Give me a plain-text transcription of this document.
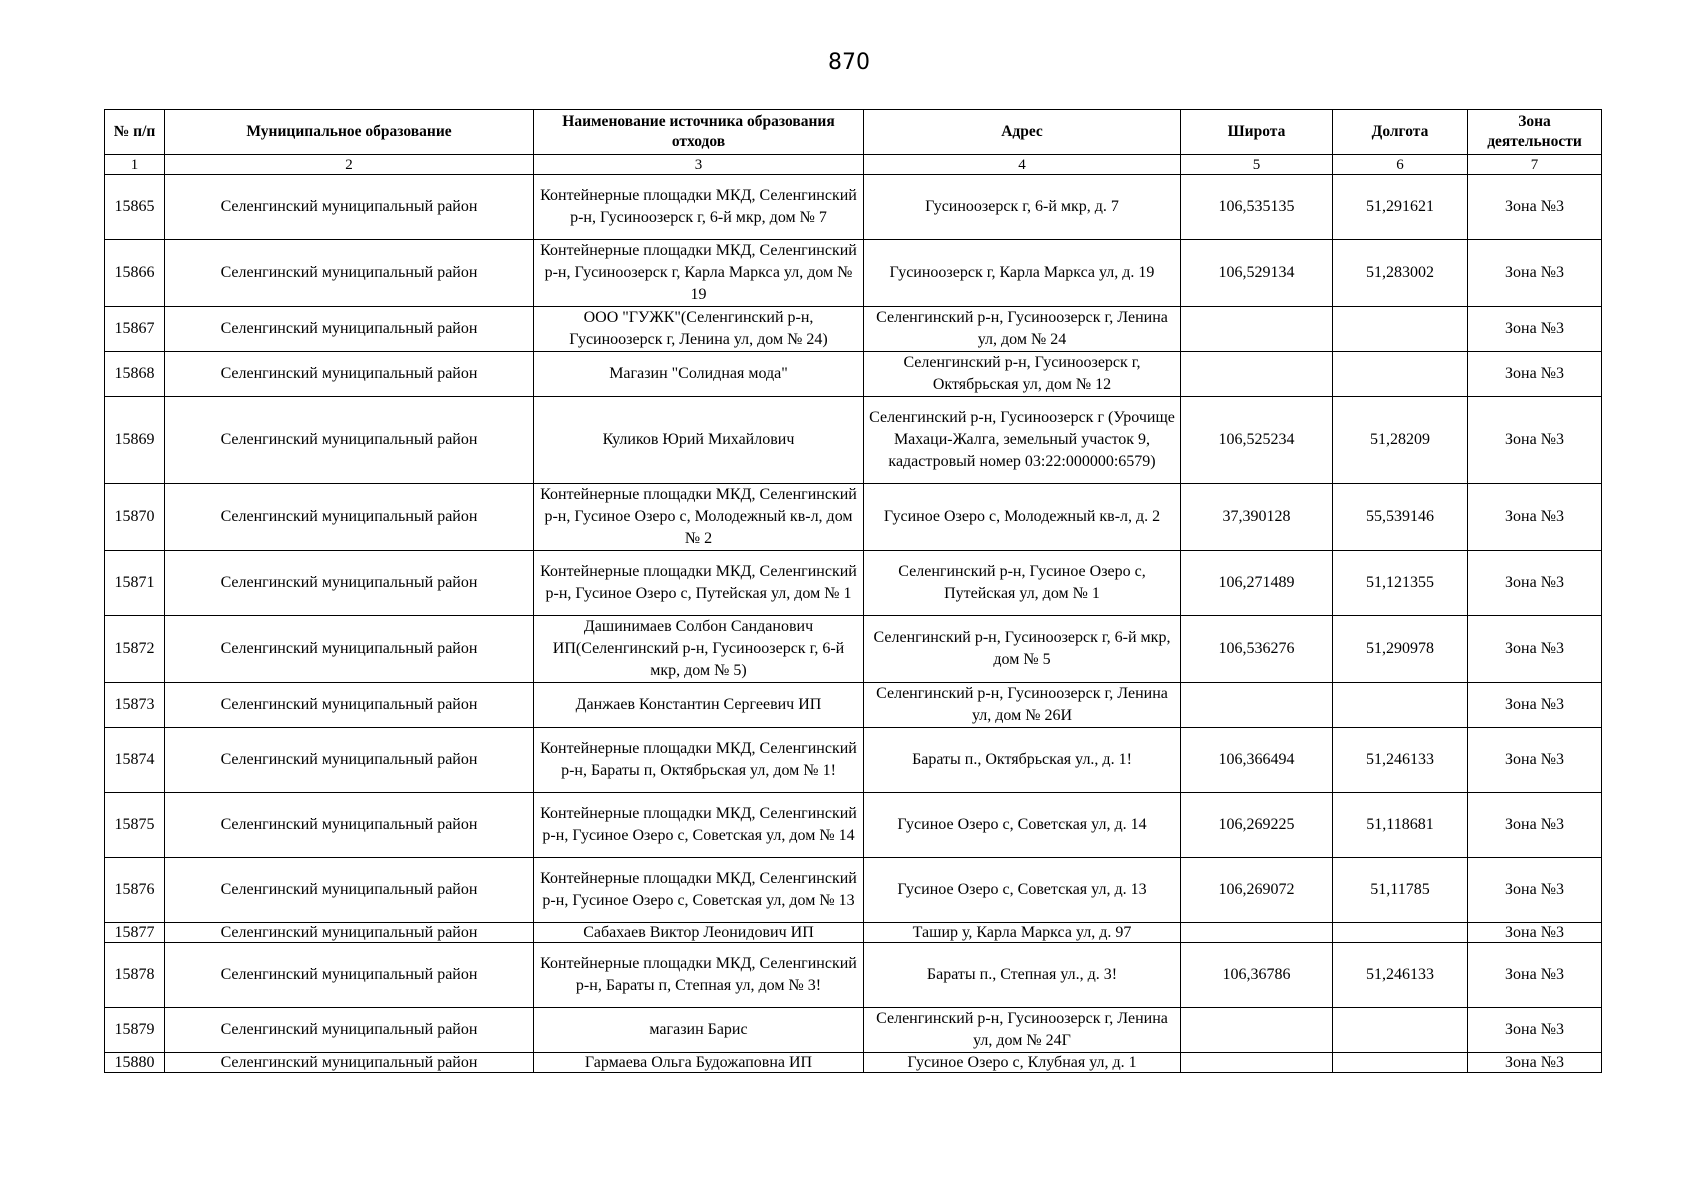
870
№ п/п	Муниципальное образование	Наименование источника образования отходов	Адрес	Широта	Долгота	Зона деятельности
1	2	3	4	5	6	7
15865	Селенгинский муниципальный район	Контейнерные площадки МКД, Селенгинский р-н, Гусиноозерск г, 6-й мкр, дом № 7	Гусиноозерск г, 6-й мкр, д. 7	106,535135	51,291621	Зона №3
15866	Селенгинский муниципальный район	Контейнерные площадки МКД, Селенгинский р-н, Гусиноозерск г, Карла Маркса ул, дом № 19	Гусиноозерск г, Карла Маркса ул, д. 19	106,529134	51,283002	Зона №3
15867	Селенгинский муниципальный район	ООО "ГУЖК"(Селенгинский р-н, Гусиноозерск г, Ленина ул, дом № 24)	Селенгинский р-н, Гусиноозерск г, Ленина ул, дом № 24			Зона №3
15868	Селенгинский муниципальный район	Магазин "Солидная мода"	Селенгинский р-н, Гусиноозерск г, Октябрьская ул, дом № 12			Зона №3
15869	Селенгинский муниципальный район	Куликов Юрий Михайлович	Селенгинский р-н, Гусиноозерск г (Урочище Махаци-Жалга, земельный участок 9, кадастровый номер 03:22:000000:6579)	106,525234	51,28209	Зона №3
15870	Селенгинский муниципальный район	Контейнерные площадки МКД, Селенгинский р-н, Гусиное Озеро с, Молодежный кв-л, дом № 2	Гусиное Озеро с, Молодежный кв-л, д. 2	37,390128	55,539146	Зона №3
15871	Селенгинский муниципальный район	Контейнерные площадки МКД, Селенгинский р-н, Гусиное Озеро с, Путейская ул, дом № 1	Селенгинский р-н, Гусиное Озеро с, Путейская ул, дом № 1	106,271489	51,121355	Зона №3
15872	Селенгинский муниципальный район	Дашинимаев Солбон Санданович ИП(Селенгинский р-н, Гусиноозерск г, 6-й мкр, дом № 5)	Селенгинский р-н, Гусиноозерск г, 6-й мкр, дом № 5	106,536276	51,290978	Зона №3
15873	Селенгинский муниципальный район	Данжаев Константин Сергеевич ИП	Селенгинский р-н, Гусиноозерск г, Ленина ул, дом № 26И			Зона №3
15874	Селенгинский муниципальный район	Контейнерные площадки МКД, Селенгинский р-н, Бараты п, Октябрьская ул, дом № 1!	Бараты п., Октябрьская ул., д. 1!	106,366494	51,246133	Зона №3
15875	Селенгинский муниципальный район	Контейнерные площадки МКД, Селенгинский р-н, Гусиное Озеро с, Советская ул, дом № 14	Гусиное Озеро с, Советская ул, д. 14	106,269225	51,118681	Зона №3
15876	Селенгинский муниципальный район	Контейнерные площадки МКД, Селенгинский р-н, Гусиное Озеро с, Советская ул, дом № 13	Гусиное Озеро с, Советская ул, д. 13	106,269072	51,11785	Зона №3
15877	Селенгинский муниципальный район	Сабахаев Виктор Леонидович ИП	Ташир у, Карла Маркса ул, д. 97			Зона №3
15878	Селенгинский муниципальный район	Контейнерные площадки МКД, Селенгинский р-н, Бараты п, Степная ул, дом № 3!	Бараты п., Степная ул., д. 3!	106,36786	51,246133	Зона №3
15879	Селенгинский муниципальный район	магазин Барис	Селенгинский р-н, Гусиноозерск г, Ленина ул, дом № 24Г			Зона №3
15880	Селенгинский муниципальный район	Гармаева Ольга Будожаповна ИП	Гусиное Озеро с, Клубная ул, д. 1			Зона №3
